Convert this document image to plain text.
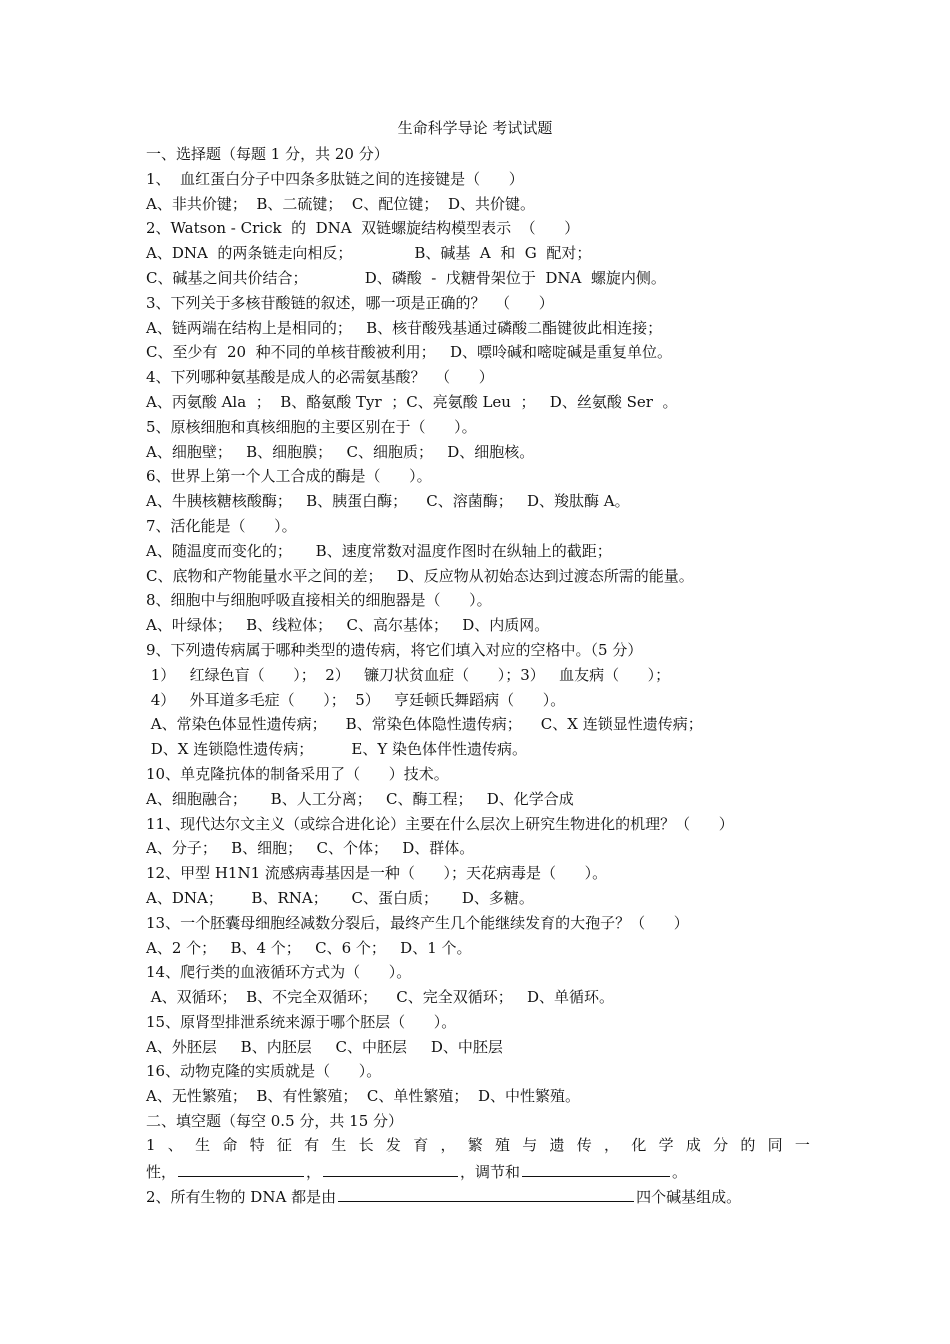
生命科学导论 考试试题
一、选择题（每题 1 分，共 20 分）
1、  血红蛋白分子中四条多肽链之间的连接键是（      ）
A、非共价键；  B、二硫键；  C、配位键；  D、共价键。
2、Watson - Crick  的  DNA  双链螺旋结构模型表示  （      ）
A、DNA  的两条链走向相反；             B、碱基  A  和  G  配对；
C、碱基之间共价结合；            D、磷酸  -  戊糖骨架位于  DNA  螺旋内侧。
3、下列关于多核苷酸链的叙述，哪一项是正确的？  （      ）
A、链两端在结构上是相同的；   B、核苷酸残基通过磷酸二酯键彼此相连接；
C、至少有  20  种不同的单核苷酸被利用；   D、嘌呤碱和嘧啶碱是重复单位。
4、下列哪种氨基酸是成人的必需氨基酸？  （      ）
A、丙氨酸 Ala  ；  B、酪氨酸 Tyr  ；C、亮氨酸 Leu  ；   D、丝氨酸 Ser  。
5、原核细胞和真核细胞的主要区别在于（      ）。
A、细胞壁；   B、细胞膜；   C、细胞质；   D、细胞核。
6、世界上第一个人工合成的酶是（      ）。
A、牛胰核糖核酸酶；   B、胰蛋白酶；    C、溶菌酶；   D、羧肽酶 A。
7、活化能是（      ）。
A、随温度而变化的；     B、速度常数对温度作图时在纵轴上的截距；
C、底物和产物能量水平之间的差；   D、反应物从初始态达到过渡态所需的能量。
8、细胞中与细胞呼吸直接相关的细胞器是（      ）。
A、叶绿体；   B、线粒体；   C、高尔基体；   D、内质网。
9、下列遗传病属于哪种类型的遗传病，将它们填入对应的空格中。（5 分）
1）   红绿色盲（      ）；  2）   镰刀状贫血症（      ）；3）   血友病（      ）；
4）   外耳道多毛症（      ）；  5）   亨廷顿氏舞蹈病（      ）。
A、常染色体显性遗传病；    B、常染色体隐性遗传病；    C、X 连锁显性遗传病；
D、X 连锁隐性遗传病；        E、Y 染色体伴性遗传病。
10、单克隆抗体的制备采用了（      ）技术。
A、细胞融合；     B、人工分离；   C、酶工程；   D、化学合成
11、现代达尔文主义（或综合进化论）主要在什么层次上研究生物进化的机理？（      ）
A、分子；   B、细胞；   C、个体；   D、群体。
12、甲型 H1N1 流感病毒基因是一种（      ）；天花病毒是（      ）。
A、DNA；      B、RNA；     C、蛋白质；     D、多糖。
13、一个胚囊母细胞经减数分裂后，最终产生几个能继续发育的大孢子？（      ）
A、2 个；   B、4 个；   C、6 个；   D、1 个。
14、爬行类的血液循环方式为（      ）。
A、双循环；  B、不完全双循环；    C、完全双循环；   D、单循环。
15、原肾型排泄系统来源于哪个胚层（      ）。
A、外胚层     B、内胚层     C、中胚层     D、中胚层
16、动物克隆的实质就是（      ）。
A、无性繁殖；  B、有性繁殖；  C、单性繁殖；  D、中性繁殖。
二、填空题（每空 0.5 分，共 15 分）
1 、 生 命 特 征 有 生 长 发 育 ， 繁 殖 与 遗 传 ， 化 学 成 分 的 同 一
性，	，	，调节和	。
2、所有生物的 DNA 都是由	四个碱基组成。
